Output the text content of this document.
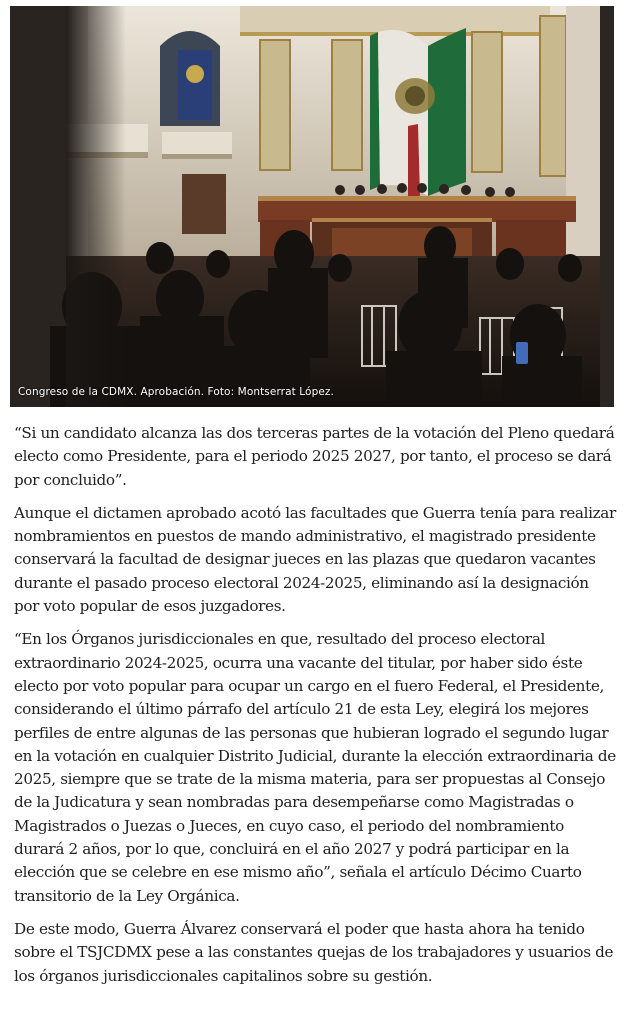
Congreso de la CDMX. Aprobación. Foto: Montserrat López.

“Si un candidato alcanza las dos terceras partes de la votación del Pleno quedará electo como Presidente, para el periodo 2025 2027, por tanto, el proceso se dará por concluido”.

Aunque el dictamen aprobado acotó las facultades que Guerra tenía para realizar nombramientos en puestos de mando administrativo, el magistrado presidente conservará la facultad de designar jueces en las plazas que quedaron vacantes durante el pasado proceso electoral 2024-2025, eliminando así la designación por voto popular de esos juzgadores.

“En los Órganos jurisdiccionales en que, resultado del proceso electoral extraordinario 2024-2025, ocurra una vacante del titular, por haber sido éste electo por voto popular para ocupar un cargo en el fuero Federal, el Presidente, considerando el último párrafo del artículo 21 de esta Ley, elegirá los mejores perfiles de entre algunas de las personas que hubieran logrado el segundo lugar en la votación en cualquier Distrito Judicial, durante la elección extraordinaria de 2025, siempre que se trate de la misma materia, para ser propuestas al Consejo de la Judicatura y sean nombradas para desempeñarse como Magistradas o Magistrados o Juezas o Jueces, en cuyo caso, el periodo del nombramiento durará 2 años, por lo que, concluirá en el año 2027 y podrá participar en la elección que se celebre en ese mismo año”, señala el artículo Décimo Cuarto transitorio de la Ley Orgánica.

De este modo, Guerra Álvarez conservará el poder que hasta ahora ha tenido sobre el TSJCDMX pese a las constantes quejas de los trabajadores y usuarios de los órganos jurisdiccionales capitalinos sobre su gestión.
